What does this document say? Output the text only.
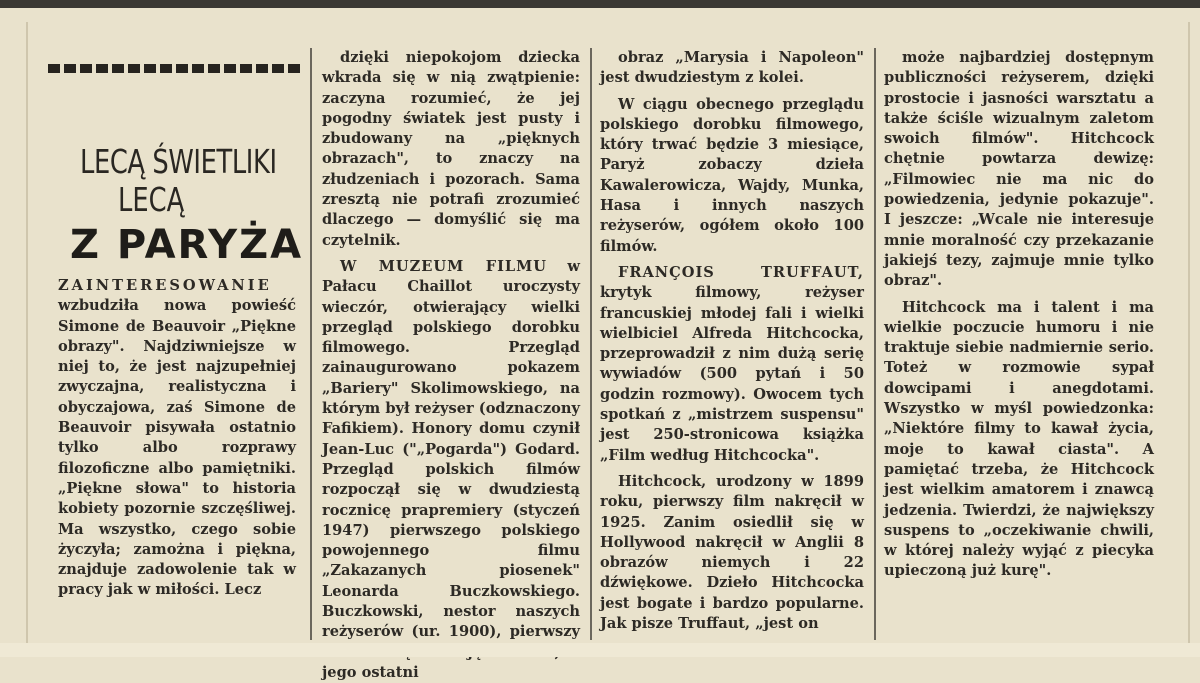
LECĄ ŚWIETLIKI
LECĄ
Z PARYŻA
ZAINTERESOWANIE wzbudziła nowa powieść Simone de Beauvoir „Piękne obrazy". Najdziwniejsze w niej to, że jest najzupełniej zwyczajna, realistyczna i obyczajowa, zaś Simone de Beauvoir pisywała ostatnio tylko albo rozprawy filozoficzne albo pamiętniki. „Piękne słowa" to historia kobiety pozornie szczęśliwej. Ma wszystko, czego sobie życzyła; zamożna i piękna, znajduje zadowolenie tak w pracy jak w miłości. Lecz

dzięki niepokojom dziecka wkrada się w nią zwątpienie: zaczyna rozumieć, że jej pogodny światek jest pusty i zbudowany na „pięknych obrazach", to znaczy na złudzeniach i pozorach. Sama zresztą nie potrafi zrozumieć dlaczego — domyślić się ma czytelnik.

W MUZEUM FILMU w Pałacu Chaillot uroczysty wieczór, otwierający wielki przegląd polskiego dorobku filmowego. Przegląd zainaugurowano pokazem „Bariery" Skolimowskiego, na którym był reżyser (odznaczony Fafikiem). Honory domu czynił Jean-Luc ("„Pogarda") Godard. Przegląd polskich filmów rozpoczął się w dwudziestą rocznicę prapremiery (styczeń 1947) pierwszego polskiego powojennego filmu „Zakazanych piosenek" Leonarda Buczkowskiego. Buczkowski, nestor naszych reżyserów (ur. 1900), pierwszy jego ostatni

obraz „Marysia i Napoleon" jest dwudziestym z kolei.

W ciągu obecnego przeglądu polskiego dorobku filmowego, który trwać będzie 3 miesiące, Paryż zobaczy dzieła Kawalerowicza, Wajdy, Munka, Hasa i innych naszych reżyserów, ogółem około 100 filmów.

FRANÇOIS TRUFFAUT, krytyk filmowy, reżyser francuskiej młodej fali i wielki wielbiciel Alfreda Hitchcocka, przeprowadził z nim dużą serię wywiadów (500 pytań i 50 godzin rozmowy). Owocem tych spotkań z „mistrzem suspensu" jest 250-stronicowa książka „Film według Hitchcocka".

Hitchcock, urodzony w 1899 roku, pierwszy film nakręcił w 1925. Zanim osiedlił się w Hollywood nakręcił w Anglii 8 obrazów niemych i 22 dźwiękowe. Dzieło Hitchcocka jest bogate i bardzo popularne. Jak pisze Truffaut, „jest on

może najbardziej dostępnym publiczności reżyserem, dzięki prostocie i jasności warsztatu a także ściśle wizualnym zaletom swoich filmów". Hitchcock chętnie powtarza dewizę: „Filmowiec nie ma nic do powiedzenia, jedynie pokazuje". I jeszcze: „Wcale nie interesuje mnie moralność czy przekazanie jakiejś tezy, zajmuje mnie tylko obraz".

Hitchcock ma i talent i ma wielkie poczucie humoru i nie traktuje siebie nadmiernie serio. Toteż w rozmowie sypał dowcipami i anegdotami. Wszystko w myśl powiedzonka: „Niektóre filmy to kawał życia, moje to kawał ciasta". A pamiętać trzeba, że Hitchcock jest wielkim amatorem i znawcą jedzenia. Twierdzi, że największy suspens to „oczekiwanie chwili, w której należy wyjąć z piecyka upieczoną już kurę".
